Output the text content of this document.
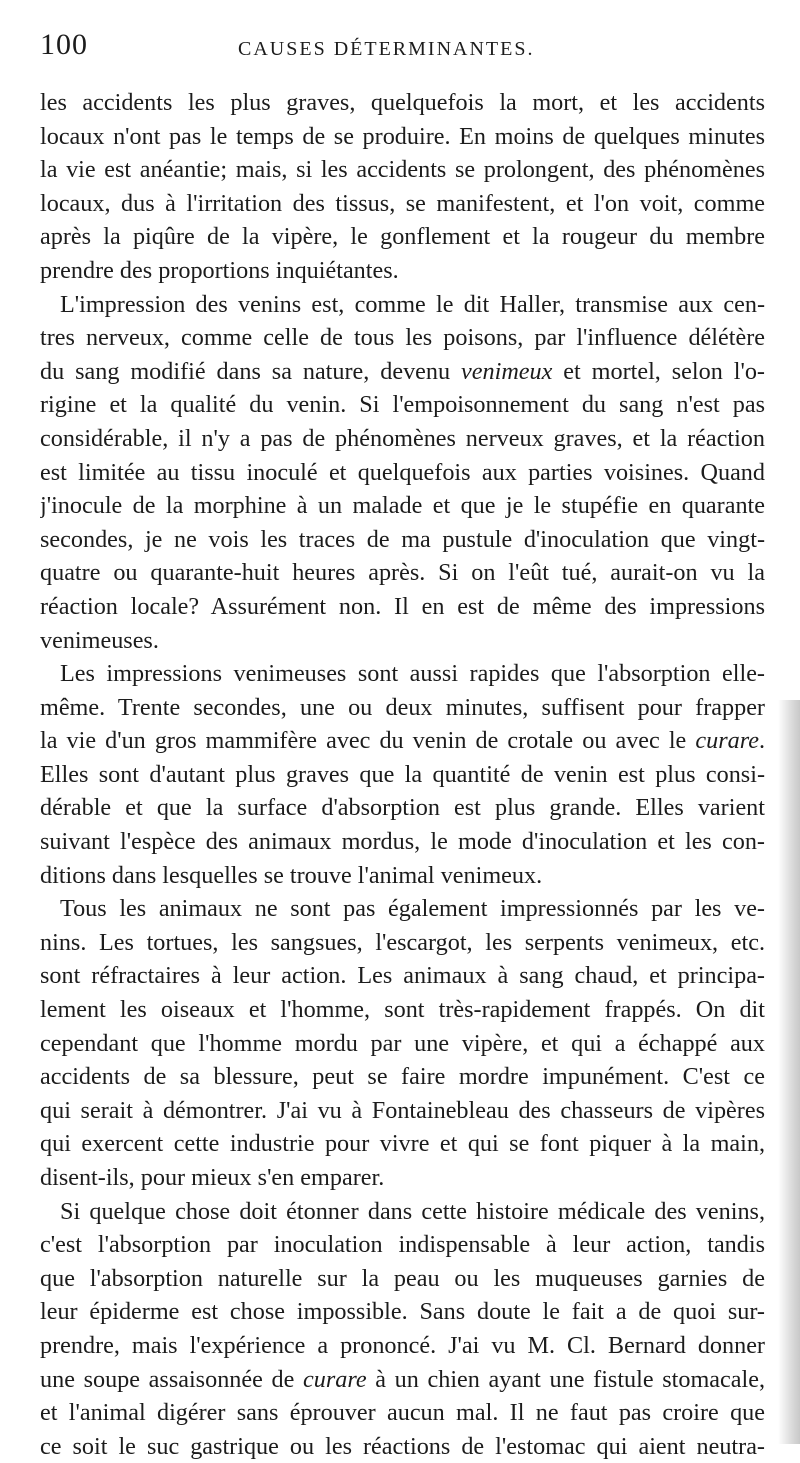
100	CAUSES DÉTERMINANTES.
les accidents les plus graves, quelquefois la mort, et les accidents
locaux n'ont pas le temps de se produire. En moins de quelques minutes
la vie est anéantie; mais, si les accidents se prolongent, des phénomènes
locaux, dus à l'irritation des tissus, se manifestent, et l'on voit, comme
après la piqûre de la vipère, le gonflement et la rougeur du membre
prendre des proportions inquiétantes.
L'impression des venins est, comme le dit Haller, transmise aux cen-
tres nerveux, comme celle de tous les poisons, par l'influence délétère
du sang modifié dans sa nature, devenu venimeux et mortel, selon l'o-
rigine et la qualité du venin. Si l'empoisonnement du sang n'est pas
considérable, il n'y a pas de phénomènes nerveux graves, et la réaction
est limitée au tissu inoculé et quelquefois aux parties voisines. Quand
j'inocule de la morphine à un malade et que je le stupéfie en quarante
secondes, je ne vois les traces de ma pustule d'inoculation que vingt-
quatre ou quarante-huit heures après. Si on l'eût tué, aurait-on vu la
réaction locale? Assurément non. Il en est de même des impressions
venimeuses.
Les impressions venimeuses sont aussi rapides que l'absorption elle-
même. Trente secondes, une ou deux minutes, suffisent pour frapper
la vie d'un gros mammifère avec du venin de crotale ou avec le curare.
Elles sont d'autant plus graves que la quantité de venin est plus consi-
dérable et que la surface d'absorption est plus grande. Elles varient
suivant l'espèce des animaux mordus, le mode d'inoculation et les con-
ditions dans lesquelles se trouve l'animal venimeux.
Tous les animaux ne sont pas également impressionnés par les ve-
nins. Les tortues, les sangsues, l'escargot, les serpents venimeux, etc.
sont réfractaires à leur action. Les animaux à sang chaud, et principa-
lement les oiseaux et l'homme, sont très-rapidement frappés. On dit
cependant que l'homme mordu par une vipère, et qui a échappé aux
accidents de sa blessure, peut se faire mordre impunément. C'est ce
qui serait à démontrer. J'ai vu à Fontainebleau des chasseurs de vipères
qui exercent cette industrie pour vivre et qui se font piquer à la main,
disent-ils, pour mieux s'en emparer.
Si quelque chose doit étonner dans cette histoire médicale des venins,
c'est l'absorption par inoculation indispensable à leur action, tandis
que l'absorption naturelle sur la peau ou les muqueuses garnies de
leur épiderme est chose impossible. Sans doute le fait a de quoi sur-
prendre, mais l'expérience a prononcé. J'ai vu M. Cl. Bernard donner
une soupe assaisonnée de curare à un chien ayant une fistule stomacale,
et l'animal digérer sans éprouver aucun mal. Il ne faut pas croire que
ce soit le suc gastrique ou les réactions de l'estomac qui aient neutra-
